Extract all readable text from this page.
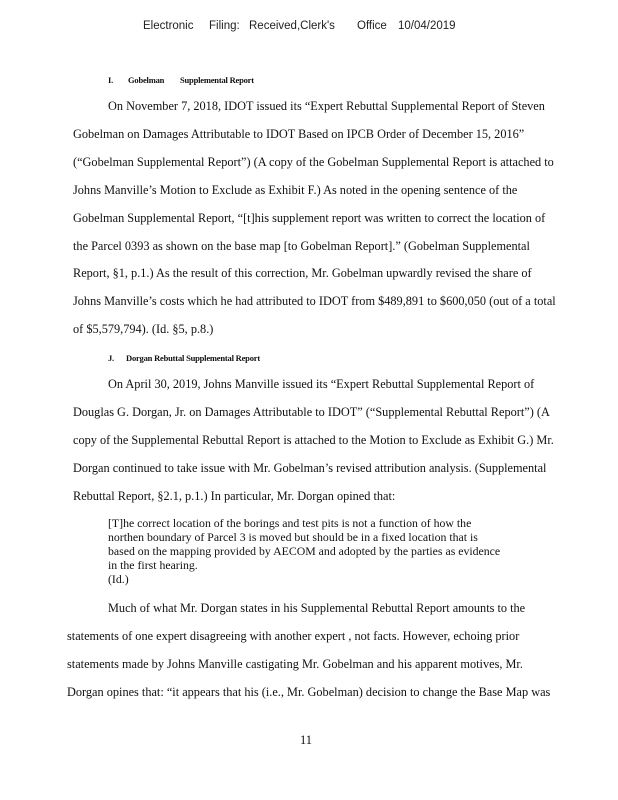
Electronic Filing: Received,Clerk's Office 10/04/2019
I. Gobelman Supplemental Report
On November 7, 2018, IDOT issued its “Expert Rebuttal Supplemental Report of Steven
Gobelman on Damages Attributable to IDOT Based on IPCB Order of December 15, 2016”
(“Gobelman Supplemental Report”) (A copy of the Gobelman Supplemental Report is attached to
Johns Manville’s Motion to Exclude as Exhibit F.) As noted in the opening sentence of the
Gobelman Supplemental Report, “[t]his supplement report was written to correct the location of
the Parcel 0393 as shown on the base map [to Gobelman Report].” (Gobelman Supplemental
Report, §1, p.1.) As the result of this correction, Mr. Gobelman upwardly revised the share of
Johns Manville’s costs which he had attributed to IDOT from $489,891 to $600,050 (out of a total
of $5,579,794). (Id. §5, p.8.)
J. Dorgan Rebuttal Supplemental Report
On April 30, 2019, Johns Manville issued its “Expert Rebuttal Supplemental Report of
Douglas G. Dorgan, Jr. on Damages Attributable to IDOT” (“Supplemental Rebuttal Report”) (A
copy of the Supplemental Rebuttal Report is attached to the Motion to Exclude as Exhibit G.) Mr.
Dorgan continued to take issue with Mr. Gobelman’s revised attribution analysis. (Supplemental
Rebuttal Report, §2.1, p.1.) In particular, Mr. Dorgan opined that:
[T]he correct location of the borings and test pits is not a function of how the
northen boundary of Parcel 3 is moved but should be in a fixed location that is
based on the mapping provided by AECOM and adopted by the parties as evidence
in the first hearing.
(Id.)
Much of what Mr. Dorgan states in his Supplemental Rebuttal Report amounts to the
statements of one expert disagreeing with another expert , not facts. However, echoing prior
statements made by Johns Manville castigating Mr. Gobelman and his apparent motives, Mr.
Dorgan opines that: “it appears that his (i.e., Mr. Gobelman) decision to change the Base Map was
11
